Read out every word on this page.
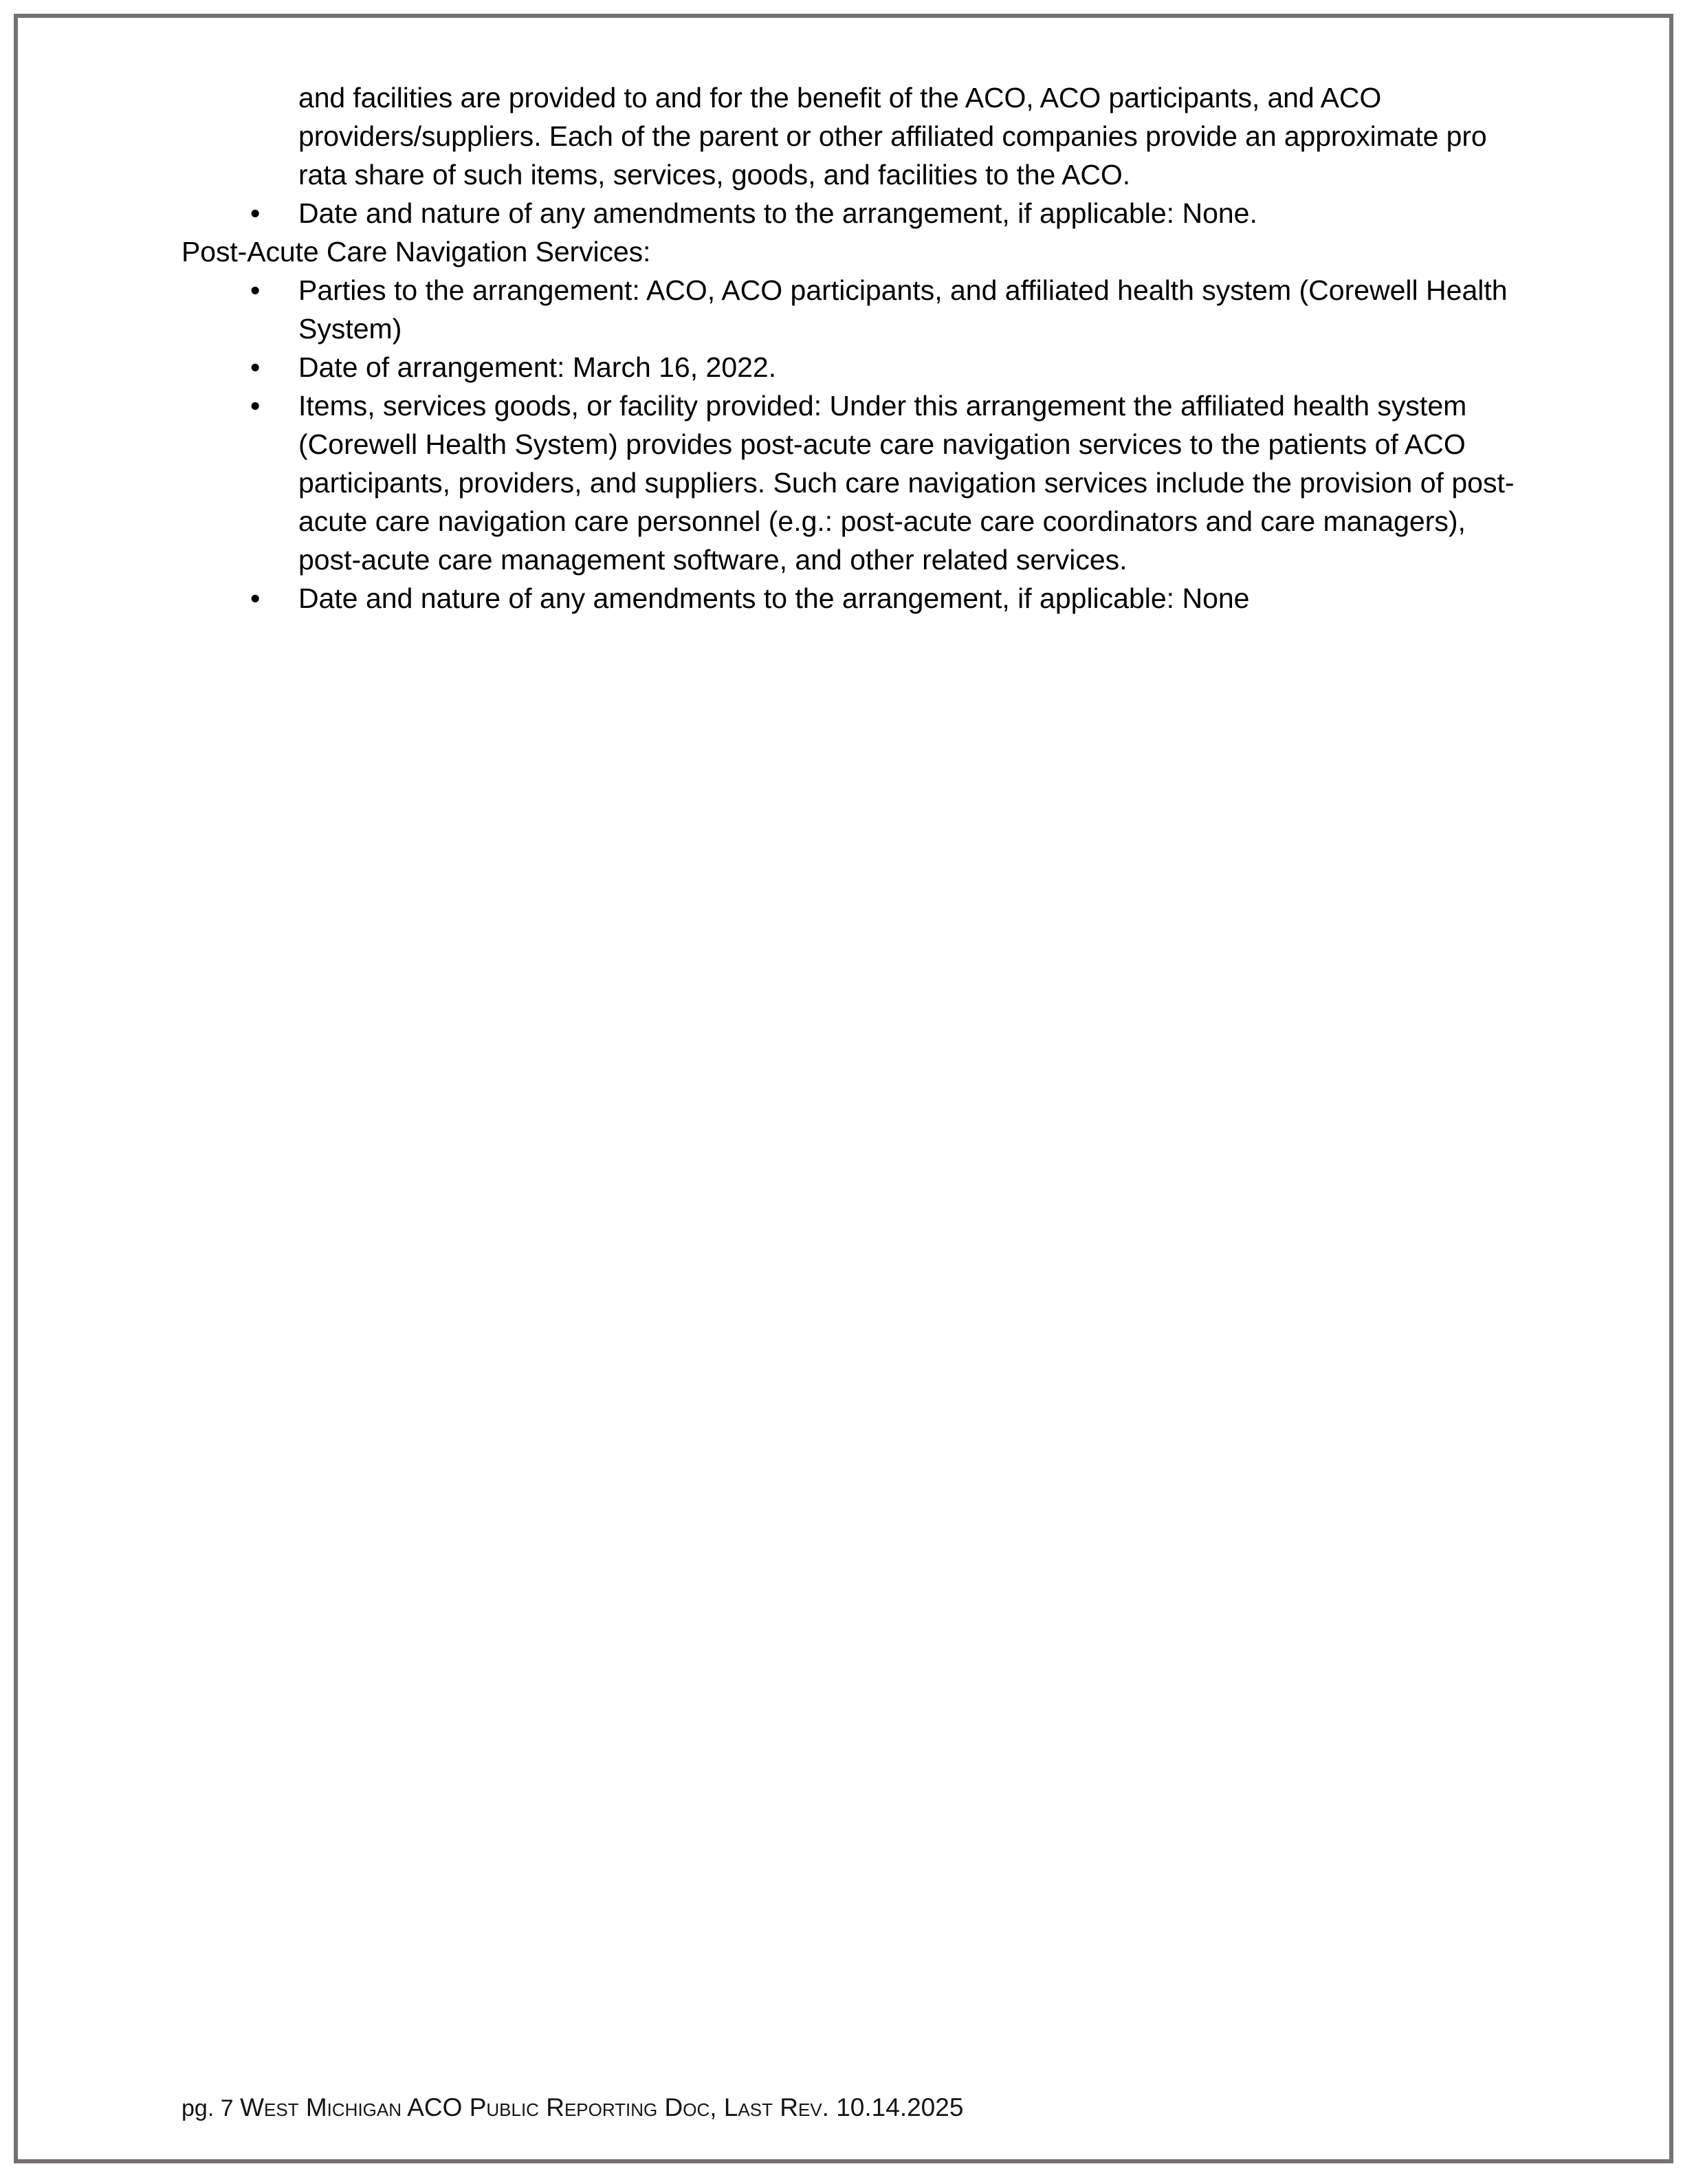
and facilities are provided to and for the benefit of the ACO, ACO participants, and ACO providers/suppliers. Each of the parent or other affiliated companies provide an approximate pro rata share of such items, services, goods, and facilities to the ACO.

• Date and nature of any amendments to the arrangement, if applicable: None.

Post-Acute Care Navigation Services:

• Parties to the arrangement: ACO, ACO participants, and affiliated health system (Corewell Health System)
• Date of arrangement: March 16, 2022.
• Items, services goods, or facility provided: Under this arrangement the affiliated health system (Corewell Health System) provides post-acute care navigation services to the patients of ACO participants, providers, and suppliers. Such care navigation services include the provision of post-acute care navigation care personnel (e.g.: post-acute care coordinators and care managers), post-acute care management software, and other related services.
• Date and nature of any amendments to the arrangement, if applicable: None
pg. 7 West Michigan ACO Public Reporting Doc, Last Rev. 10.14.2025
